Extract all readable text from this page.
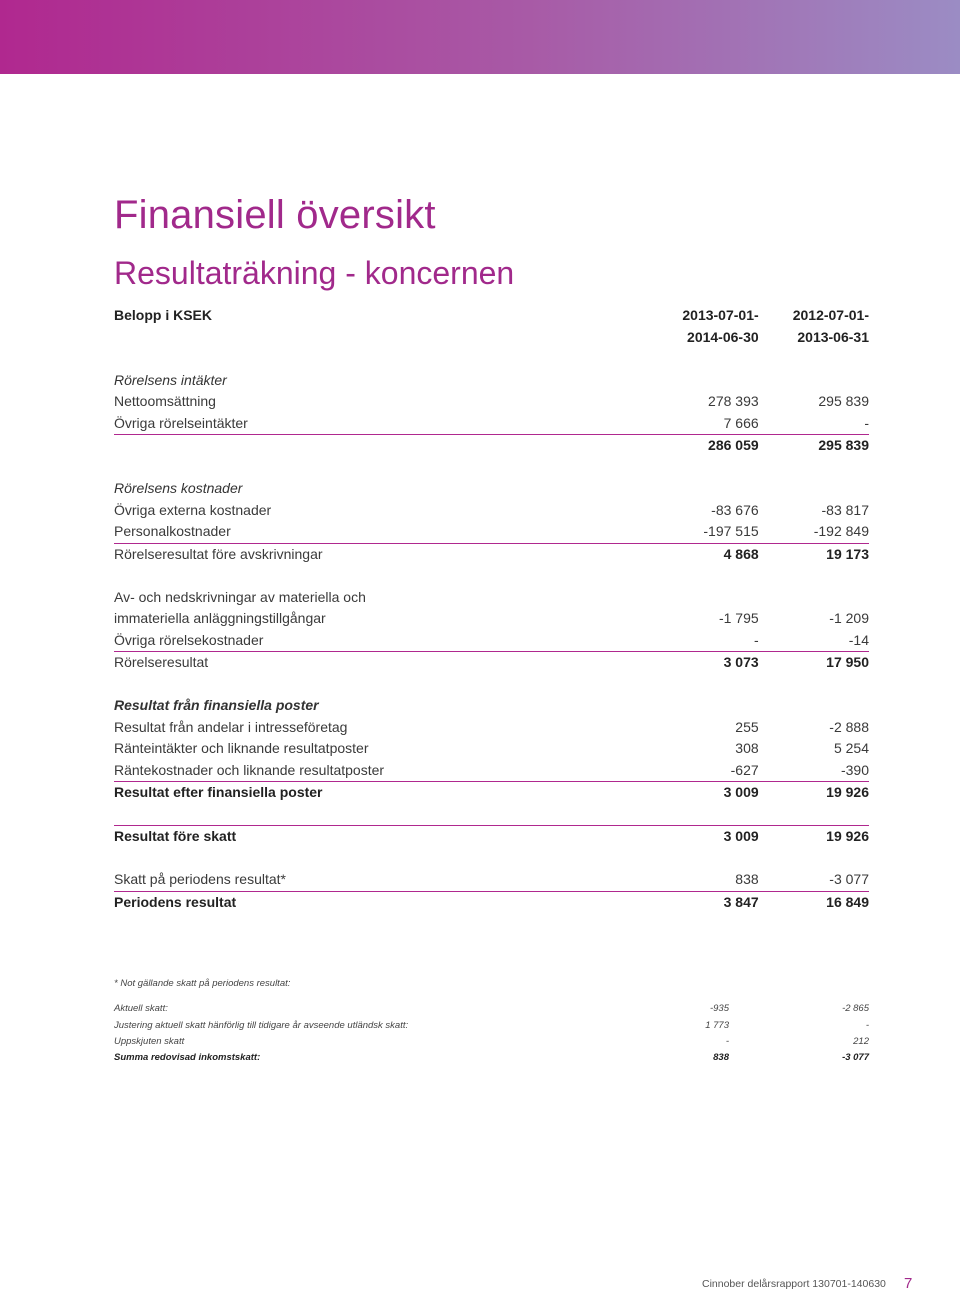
Finansiell översikt
Resultaträkning - koncernen
Belopp i KSEK	2013-07-01-	2012-07-01-
	2014-06-30	2013-06-31

Rörelsens intäkter		
Nettoomsättning	278 393	295 839
Övriga rörelseintäkter	7 666	-
	286 059	295 839

Rörelsens kostnader		
Övriga externa kostnader	-83 676	-83 817
Personalkostnader	-197 515	-192 849
Rörelseresultat före avskrivningar	4 868	19 173

Av- och nedskrivningar av materiella och		
immateriella anläggningstillgångar	-1 795	-1 209
Övriga rörelsekostnader	-	-14
Rörelseresultat	3 073	17 950

Resultat från finansiella poster		
Resultat från andelar i intresseföretag	255	-2 888
Ränteintäkter och liknande resultatposter	308	5 254
Räntekostnader och liknande resultatposter	-627	-390
Resultat efter finansiella poster	3 009	19 926

Resultat före skatt	3 009	19 926

Skatt på periodens resultat*	838	-3 077
Periodens resultat	3 847	16 849
* Not gällande skatt på periodens resultat:		

Aktuell skatt:	-935	-2 865
Justering aktuell skatt hänförlig till tidigare år avseende utländsk skatt:	1 773	-
Uppskjuten skatt	-	212
Summa redovisad inkomstskatt:	838	-3 077
Cinnober delårsrapport 130701-140630 7
